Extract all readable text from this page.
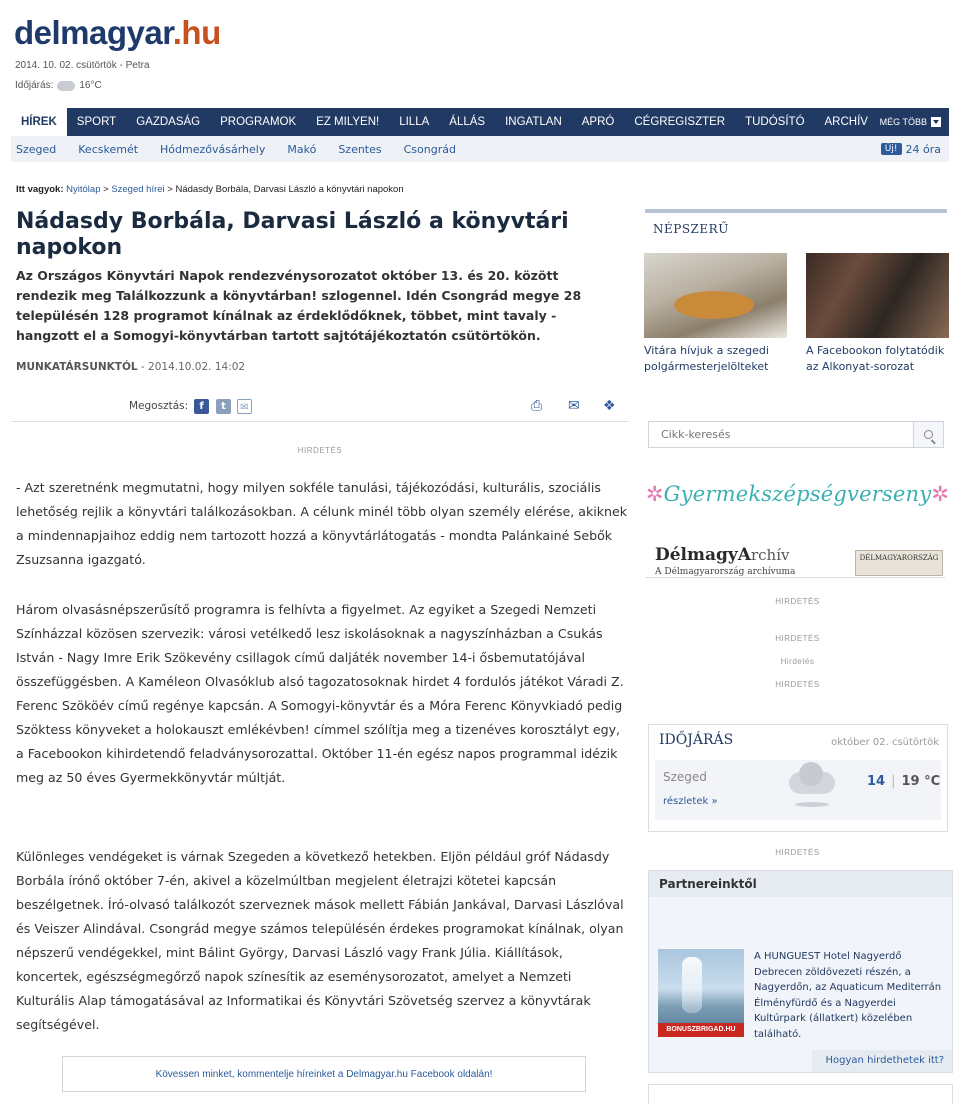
delmagyar.hu
2014. 10. 02. csütörtök - Petra
Időjárás:	16°C
HÍREK	SPORT	GAZDASÁG	PROGRAMOK	EZ MILYEN!	LILLA	ÁLLÁS	INGATLAN	APRÓ	CÉGREGISZTER	TUDÓSÍTÓ	ARCHÍV	MÉG TÖBB
Szeged	Kecskemét	Hódmezővásárhely	Makó	Szentes	Csongrád	Új! 24 óra
Itt vagyok: Nyitólap > Szeged hírei > Nádasdy Borbála, Darvasi László a könyvtári napokon
Nádasdy Borbála, Darvasi László a könyvtári napokon

Az Országos Könyvtári Napok rendezvénysorozatot október 13. és 20. között rendezik meg Találkozzunk a könyvtárban! szlogennel. Idén Csongrád megye 28 településén 128 programot kínálnak az érdeklődőknek, többet, mint tavaly - hangzott el a Somogyi-könyvtárban tartott sajtótájékoztatón csütörtökön.

MUNKATÁRSUNKTÓL - 2014.10.02. 14:02
Megosztás:	f	t	✉	⎙ ✉ ❖
HIRDETÉS

- Azt szeretnénk megmutatni, hogy milyen sokféle tanulási, tájékozódási, kulturális, szociális lehetőség rejlik a könyvtári találkozásokban. A célunk minél több olyan személy elérése, akiknek a mindennapjaihoz eddig nem tartozott hozzá a könyvtárlátogatás - mondta Palánkainé Sebők Zsuzsanna igazgató.

Három olvasásnépszerűsítő programra is felhívta a figyelmet. Az egyiket a Szegedi Nemzeti Színházzal közösen szervezik: városi vetélkedő lesz iskolásoknak a nagyszínházban a Csukás István - Nagy Imre Erik Szökevény csillagok című daljáték november 14-i ősbemutatójával összefüggésben. A Kaméleon Olvasóklub alsó tagozatosoknak hirdet 4 fordulós játékot Váradi Z. Ferenc Szököév című regénye kapcsán. A Somogyi-könyvtár és a Móra Ferenc Könyvkiadó pedig Szöktess könyveket a holokauszt emlékévben! címmel szólítja meg a tizenéves korosztályt egy, a Facebookon kihirdetendő feladványsorozattal. Október 11-én egész napos programmal idézik meg az 50 éves Gyermekkönyvtár múltját.

Különleges vendégeket is várnak Szegeden a következő hetekben. Eljön például gróf Nádasdy Borbála írónő október 7-én, akivel a közelmúltban megjelent életrajzi kötetei kapcsán beszélgetnek. Író-olvasó találkozót szerveznek mások mellett Fábián Jankával, Darvasi Lászlóval és Veiszer Alindával. Csongrád megye számos településén érdekes programokat kínálnak, olyan népszerű vendégekkel, mint Bálint György, Darvasi László vagy Frank Júlia. Kiállítások, koncertek, egészségmegőrző napok színesítik az eseménysorozatot, amelyet a Nemzeti Kulturális Alap támogatásával az Informatikai és Könyvtári Szövetség szervez a könyvtárak segítségével.

Kövessen minket, kommentelje híreinket a Delmagyar.hu Facebook oldalán!
NÉPSZERŰ
Vitára hívjuk a szegedi polgármesterjelölteket
A Facebookon folytatódik az Alkonyat-sorozat
Cikk-keresés
✲Gyermekszépségverseny✲
DélmagyArchív
A Délmagyarország archívuma
DÉLMAGYARORSZÁG
HIRDETÉS
HIRDETÉS
Hirdetés
HIRDETÉS
IDŐJÁRÁS	október 02. csütörtök
Szeged
részletek »
14 | 19 °C
HIRDETÉS
Partnereinktől
BONUSZBRIGAD.HU
A HUNGUEST Hotel Nagyerdő Debrecen zöldövezeti részén, a Nagyerdőn, az Aquaticum Mediterrán Élményfürdő és a Nagyerdei Kultúrpark (állatkert) közelében található.
Hogyan hirdethetek itt?
